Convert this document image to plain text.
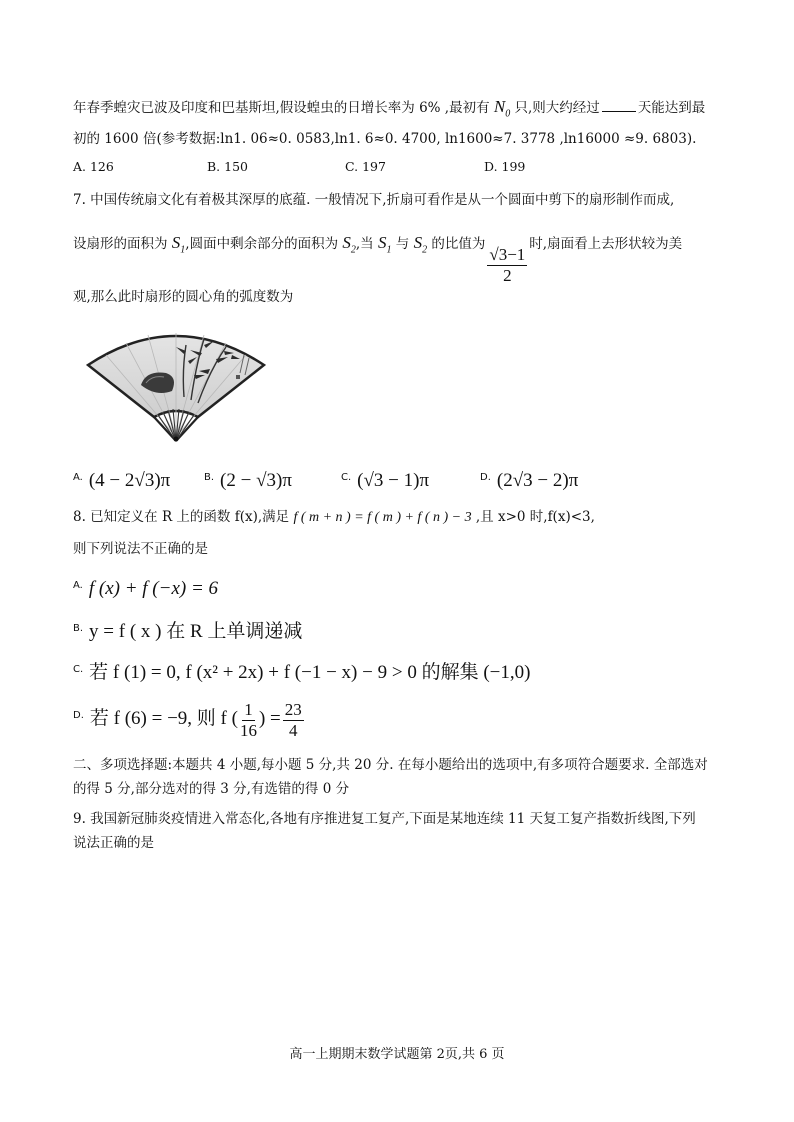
年春季蝗灾已波及印度和巴基斯坦,假设蝗虫的日增长率为 6% ,最初有 $N_0$ 只,则大约经过	天能达到最
初的 1600 倍(参考数据:ln1. 06≈0. 0583,ln1. 6≈0. 4700, ln1600≈7. 3778 ,ln16000 ≈9. 6803).
A. 126	B. 150	C. 197	D. 199
7. 中国传统扇文化有着极其深厚的底蕴. 一般情况下,折扇可看作是从一个圆面中剪下的扇形制作而成,
设扇形的面积为 $S_1$,圆面中剩余部分的面积为 $S_2$,当 $S_1$ 与 $S_2$ 的比值为
$\frac{√3-1}{2}$
时,扇面看上去形状较为美
观,那么此时扇形的圆心角的弧度数为
$^{A.}$ (4 − 2√3)π	$^{B.}$ (2 − √3)π	$^{C.}$ (√3 − 1)π	$^{D.}$ (2√3 − 2)π
8. 已知定义在 R 上的函数 f(x),满足 f ( m + n ) = f ( m ) + f ( n ) − 3 ,且 x>0 时,f(x)<3,
则下列说法不正确的是
$^{A.}$ f (x) + f (−x) = 6
$^{B.}$ y = f ( x ) 在 R 上单调递减
$^{C.}$ 若 f (1) = 0, f (x² + 2x) + f (−1 − x) − 9 > 0 的解集 (−1,0)
$^{D.}$ 若 f (6) = −9, 则 f ( $\frac{1}{16}$ ) = $\frac{23}{4}$
二、多项选择题:本题共 4 小题,每小题 5 分,共 20 分. 在每小题给出的选项中,有多项符合题要求. 全部选对
的得 5 分,部分选对的得 3 分,有选错的得 0 分
9. 我国新冠肺炎疫情进入常态化,各地有序推进复工复产,下面是某地连续 11 天复工复产指数折线图,下列
说法正确的是
高一上期期末数学试题第 2页,共 6 页
